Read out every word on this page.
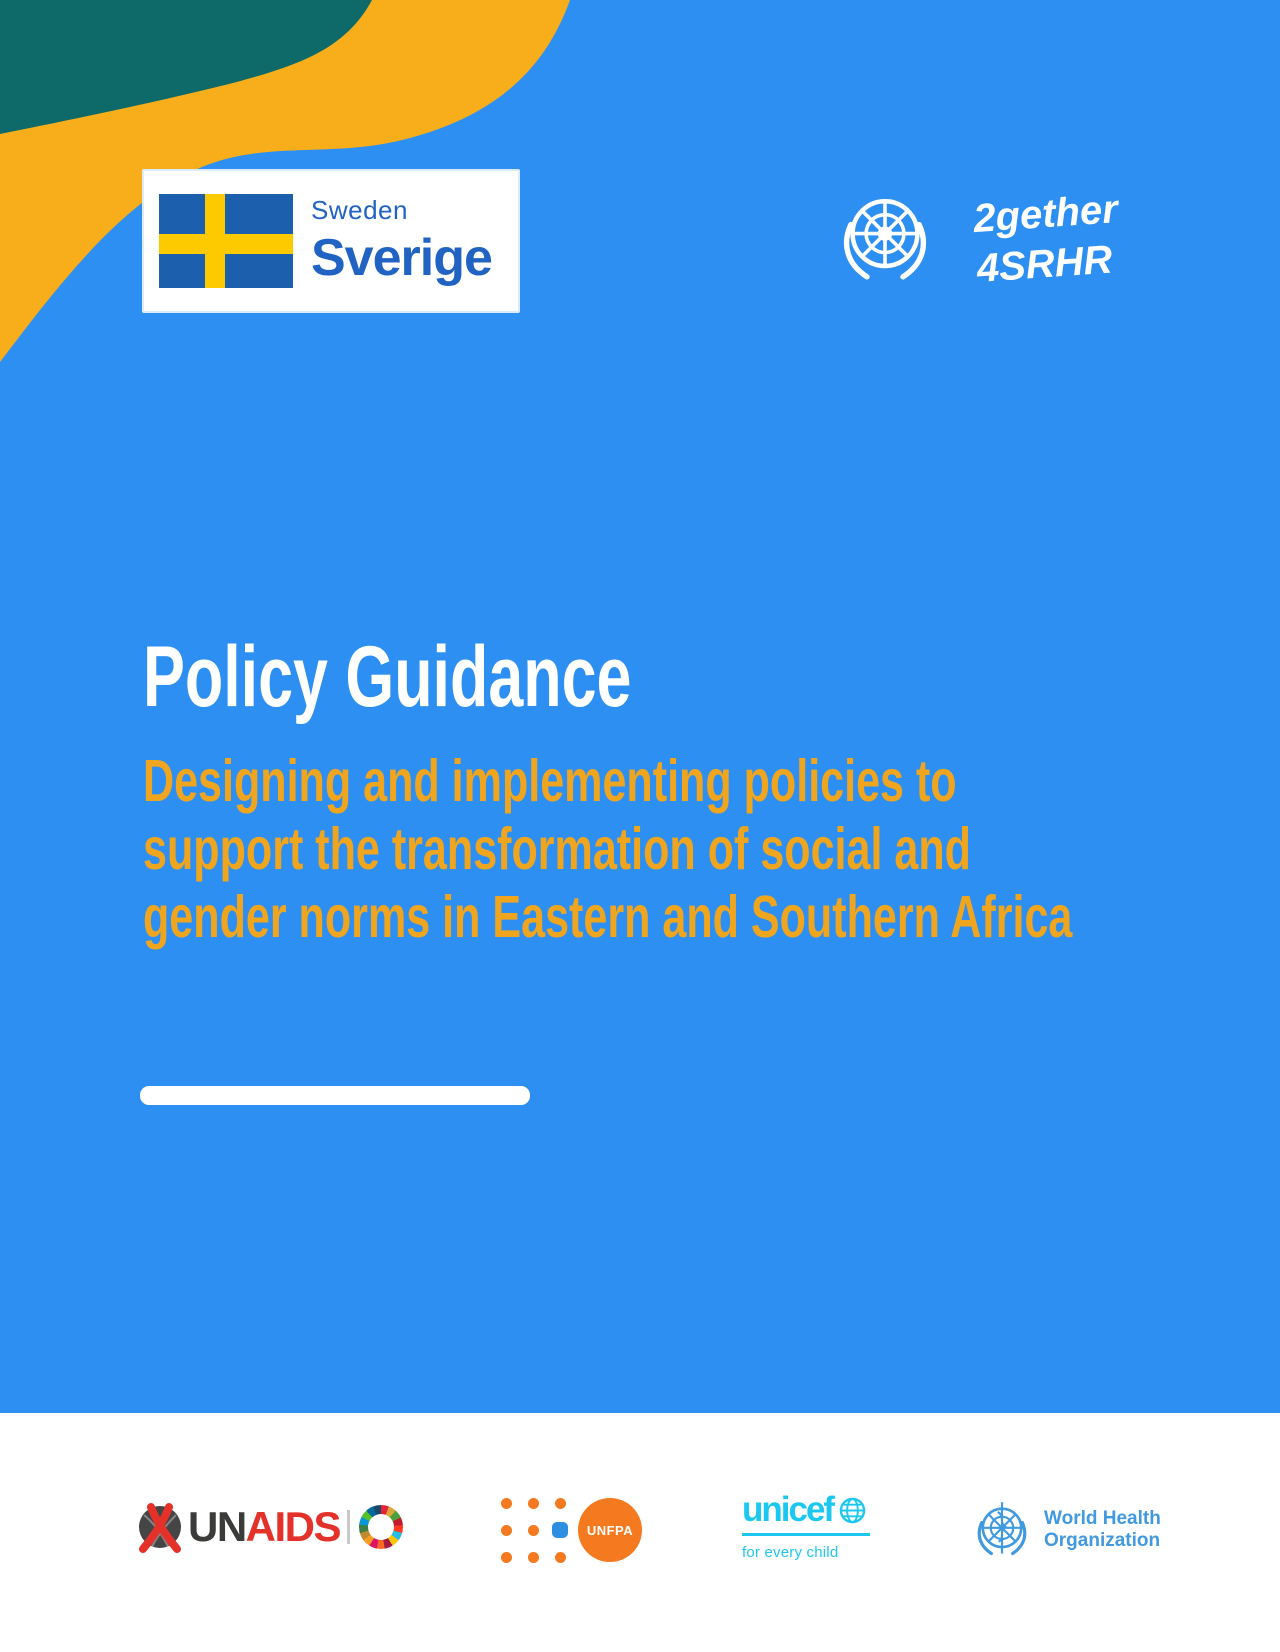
Sweden
Sverige
2gether
4SRHR
Policy Guidance
Designing and implementing policies to
support the transformation of social and
gender norms in Eastern and Southern Africa
UNAIDS	UNFPA
unicef
for every child
World Health
Organization
